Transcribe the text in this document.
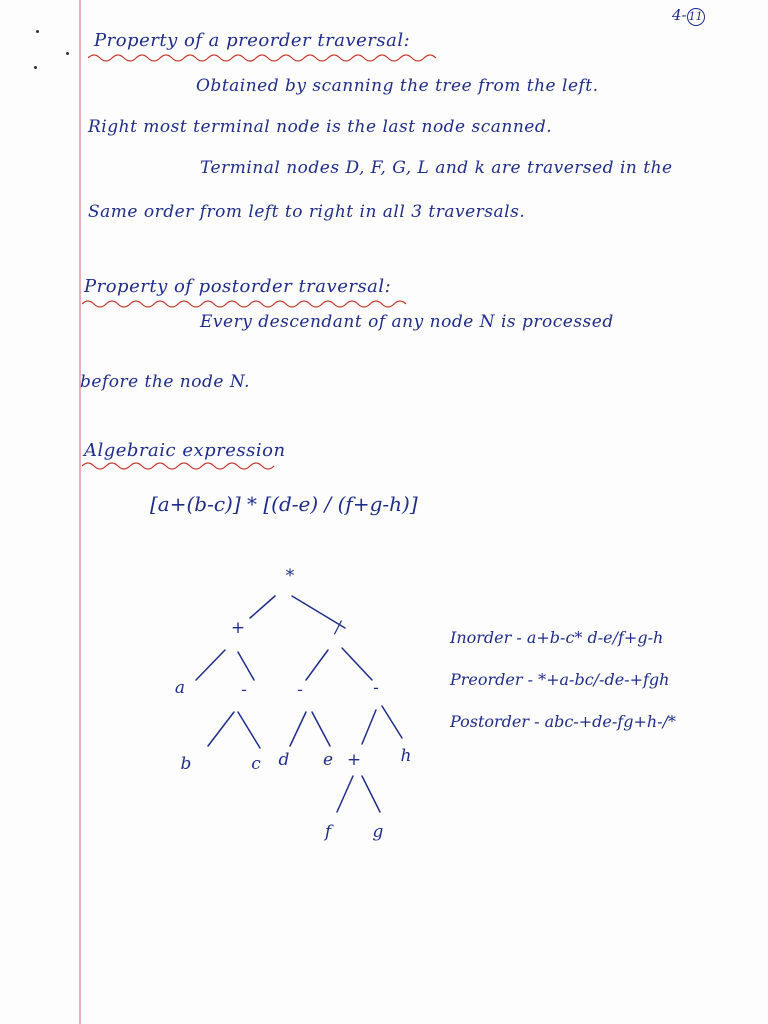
4- 11
Property of a preorder traversal:
Obtained by scanning the tree from the left.
Right most terminal node is the last node scanned.
Terminal nodes D, F, G, L and k are traversed in the
Same order from left to right in all 3 traversals.
Property of postorder traversal:
Every descendant of any node N is processed
before the node N.
Algebraic expression
[a+(b-c)] * [(d-e) / (f+g-h)]
*
+	/
a	-	-	-
b	c	d e + h
f	g
Inorder - a+b-c* d-e/f+g-h
Preorder - *+a-bc/-de-+fgh
Postorder - abc-+de-fg+h-/*
